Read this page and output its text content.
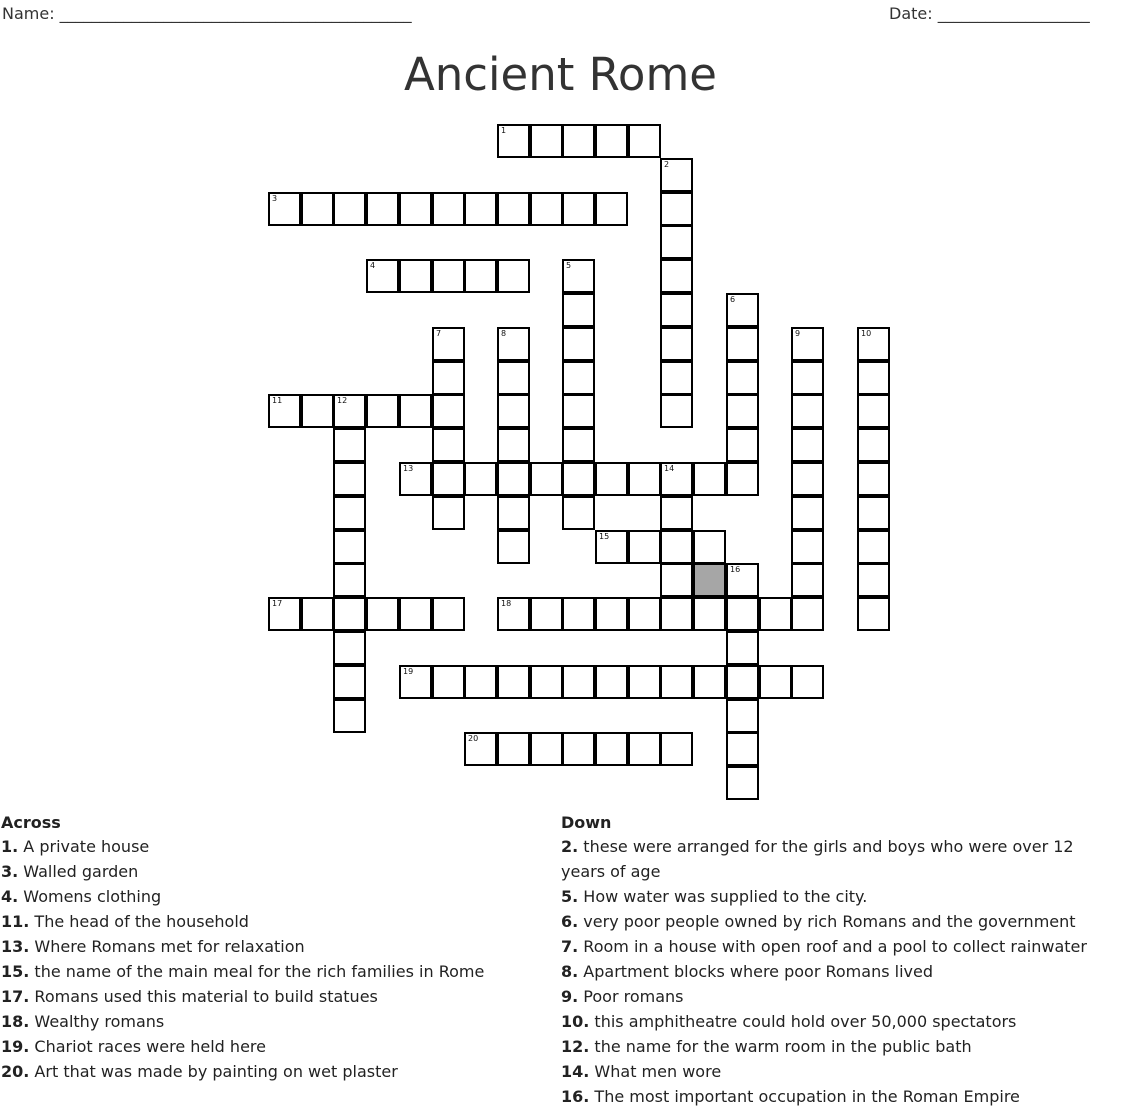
Name: ____________________________________________	Date: ___________________
Ancient Rome
1
2
3
4	5
6
7	8	9	10
11	12
13	14
15
16
17	18
19
20
Across
1. A private house
3. Walled garden
4. Womens clothing
11. The head of the household
13. Where Romans met for relaxation
15. the name of the main meal for the rich families in Rome
17. Romans used this material to build statues
18. Wealthy romans
19. Chariot races were held here
20. Art that was made by painting on wet plaster
Down
2. these were arranged for the girls and boys who were over 12 years of age
5. How water was supplied to the city.
6. very poor people owned by rich Romans and the government
7. Room in a house with open roof and a pool to collect rainwater
8. Apartment blocks where poor Romans lived
9. Poor romans
10. this amphitheatre could hold over 50,000 spectators
12. the name for the warm room in the public bath
14. What men wore
16. The most important occupation in the Roman Empire
